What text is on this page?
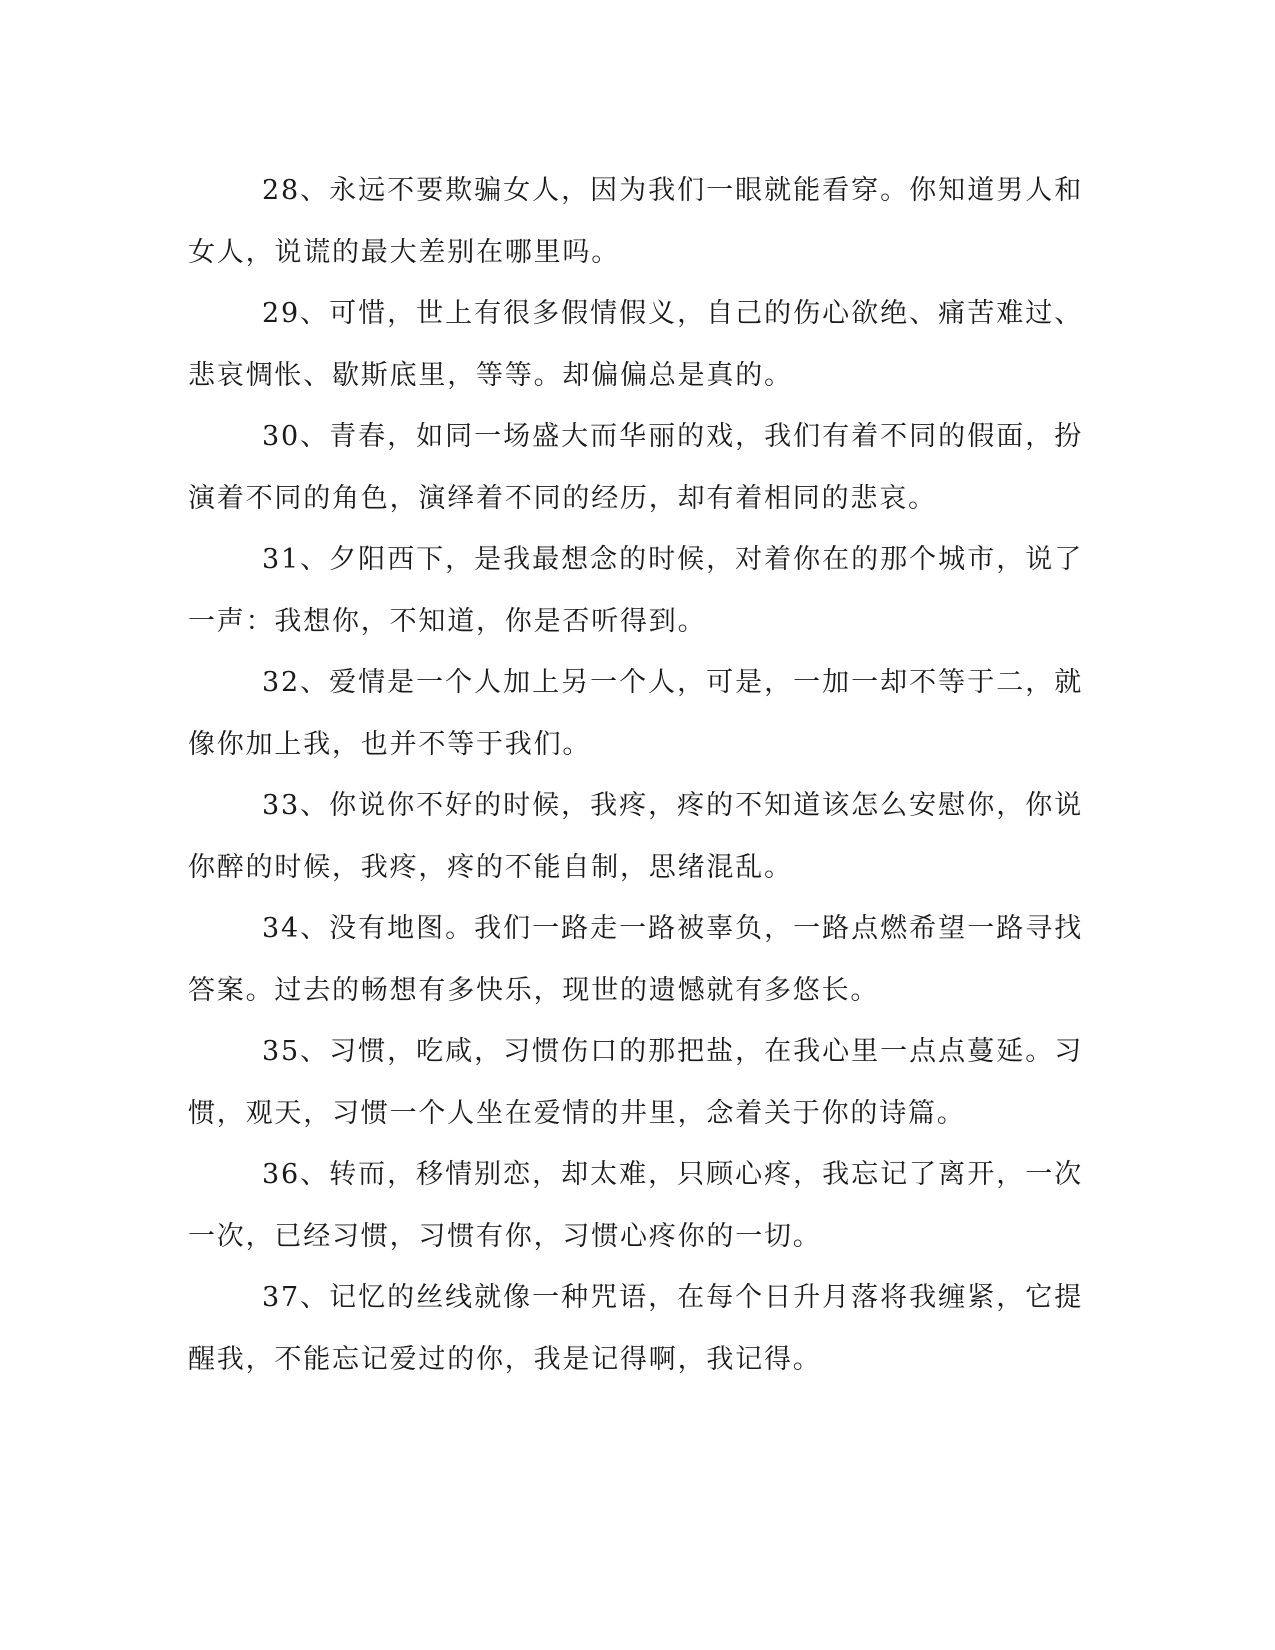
28、永远不要欺骗女人，因为我们一眼就能看穿。你知道男人和女人，说谎的最大差别在哪里吗。

29、可惜，世上有很多假情假义，自己的伤心欲绝、痛苦难过、悲哀惆怅、歇斯底里，等等。却偏偏总是真的。

30、青春，如同一场盛大而华丽的戏，我们有着不同的假面，扮演着不同的角色，演绎着不同的经历，却有着相同的悲哀。

31、夕阳西下，是我最想念的时候，对着你在的那个城市，说了一声：我想你，不知道，你是否听得到。

32、爱情是一个人加上另一个人，可是，一加一却不等于二，就像你加上我，也并不等于我们。

33、你说你不好的时候，我疼，疼的不知道该怎么安慰你，你说你醉的时候，我疼，疼的不能自制，思绪混乱。

34、没有地图。我们一路走一路被辜负，一路点燃希望一路寻找答案。过去的畅想有多快乐，现世的遗憾就有多悠长。

35、习惯，吃咸，习惯伤口的那把盐，在我心里一点点蔓延。习惯，观天，习惯一个人坐在爱情的井里，念着关于你的诗篇。

36、转而，移情别恋，却太难，只顾心疼，我忘记了离开，一次一次，已经习惯，习惯有你，习惯心疼你的一切。

37、记忆的丝线就像一种咒语，在每个日升月落将我缠紧，它提醒我，不能忘记爱过的你，我是记得啊，我记得。
